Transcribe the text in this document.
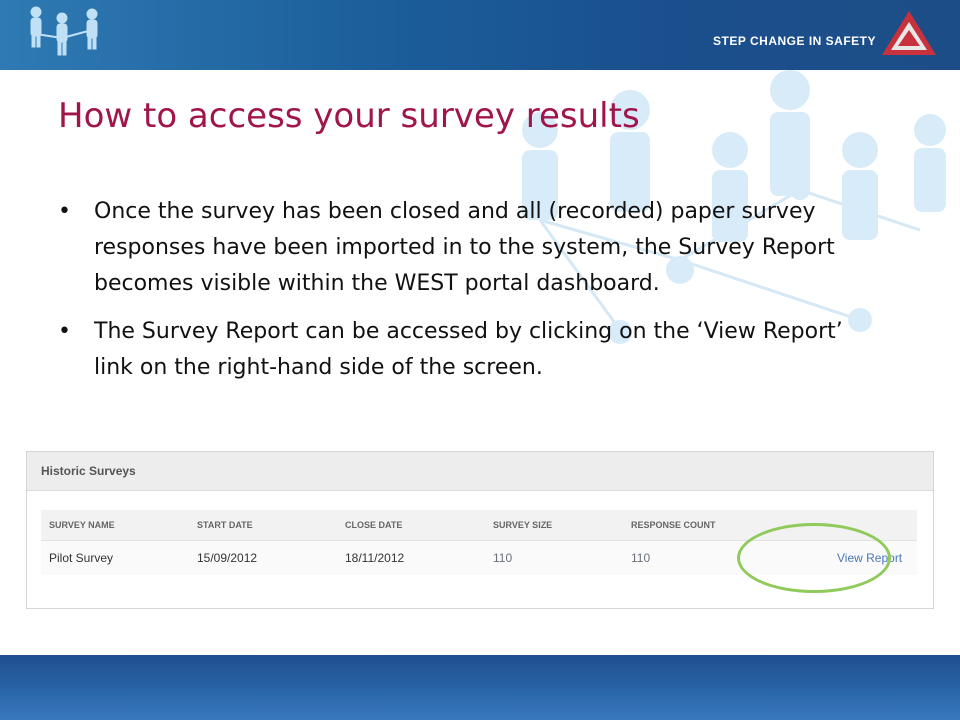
STEP CHANGE IN SAFETY
How to access your survey results
• Once the survey has been closed and all (recorded) paper survey responses have been imported in to the system, the Survey Report becomes visible within the WEST portal dashboard.
• The Survey Report can be accessed by clicking on the ‘View Report’ link on the right-hand side of the screen.
Historic Surveys
SURVEY NAME	START DATE	CLOSE DATE	SURVEY SIZE	RESPONSE COUNT	
Pilot Survey	15/09/2012	18/11/2012	110	110	View Report
